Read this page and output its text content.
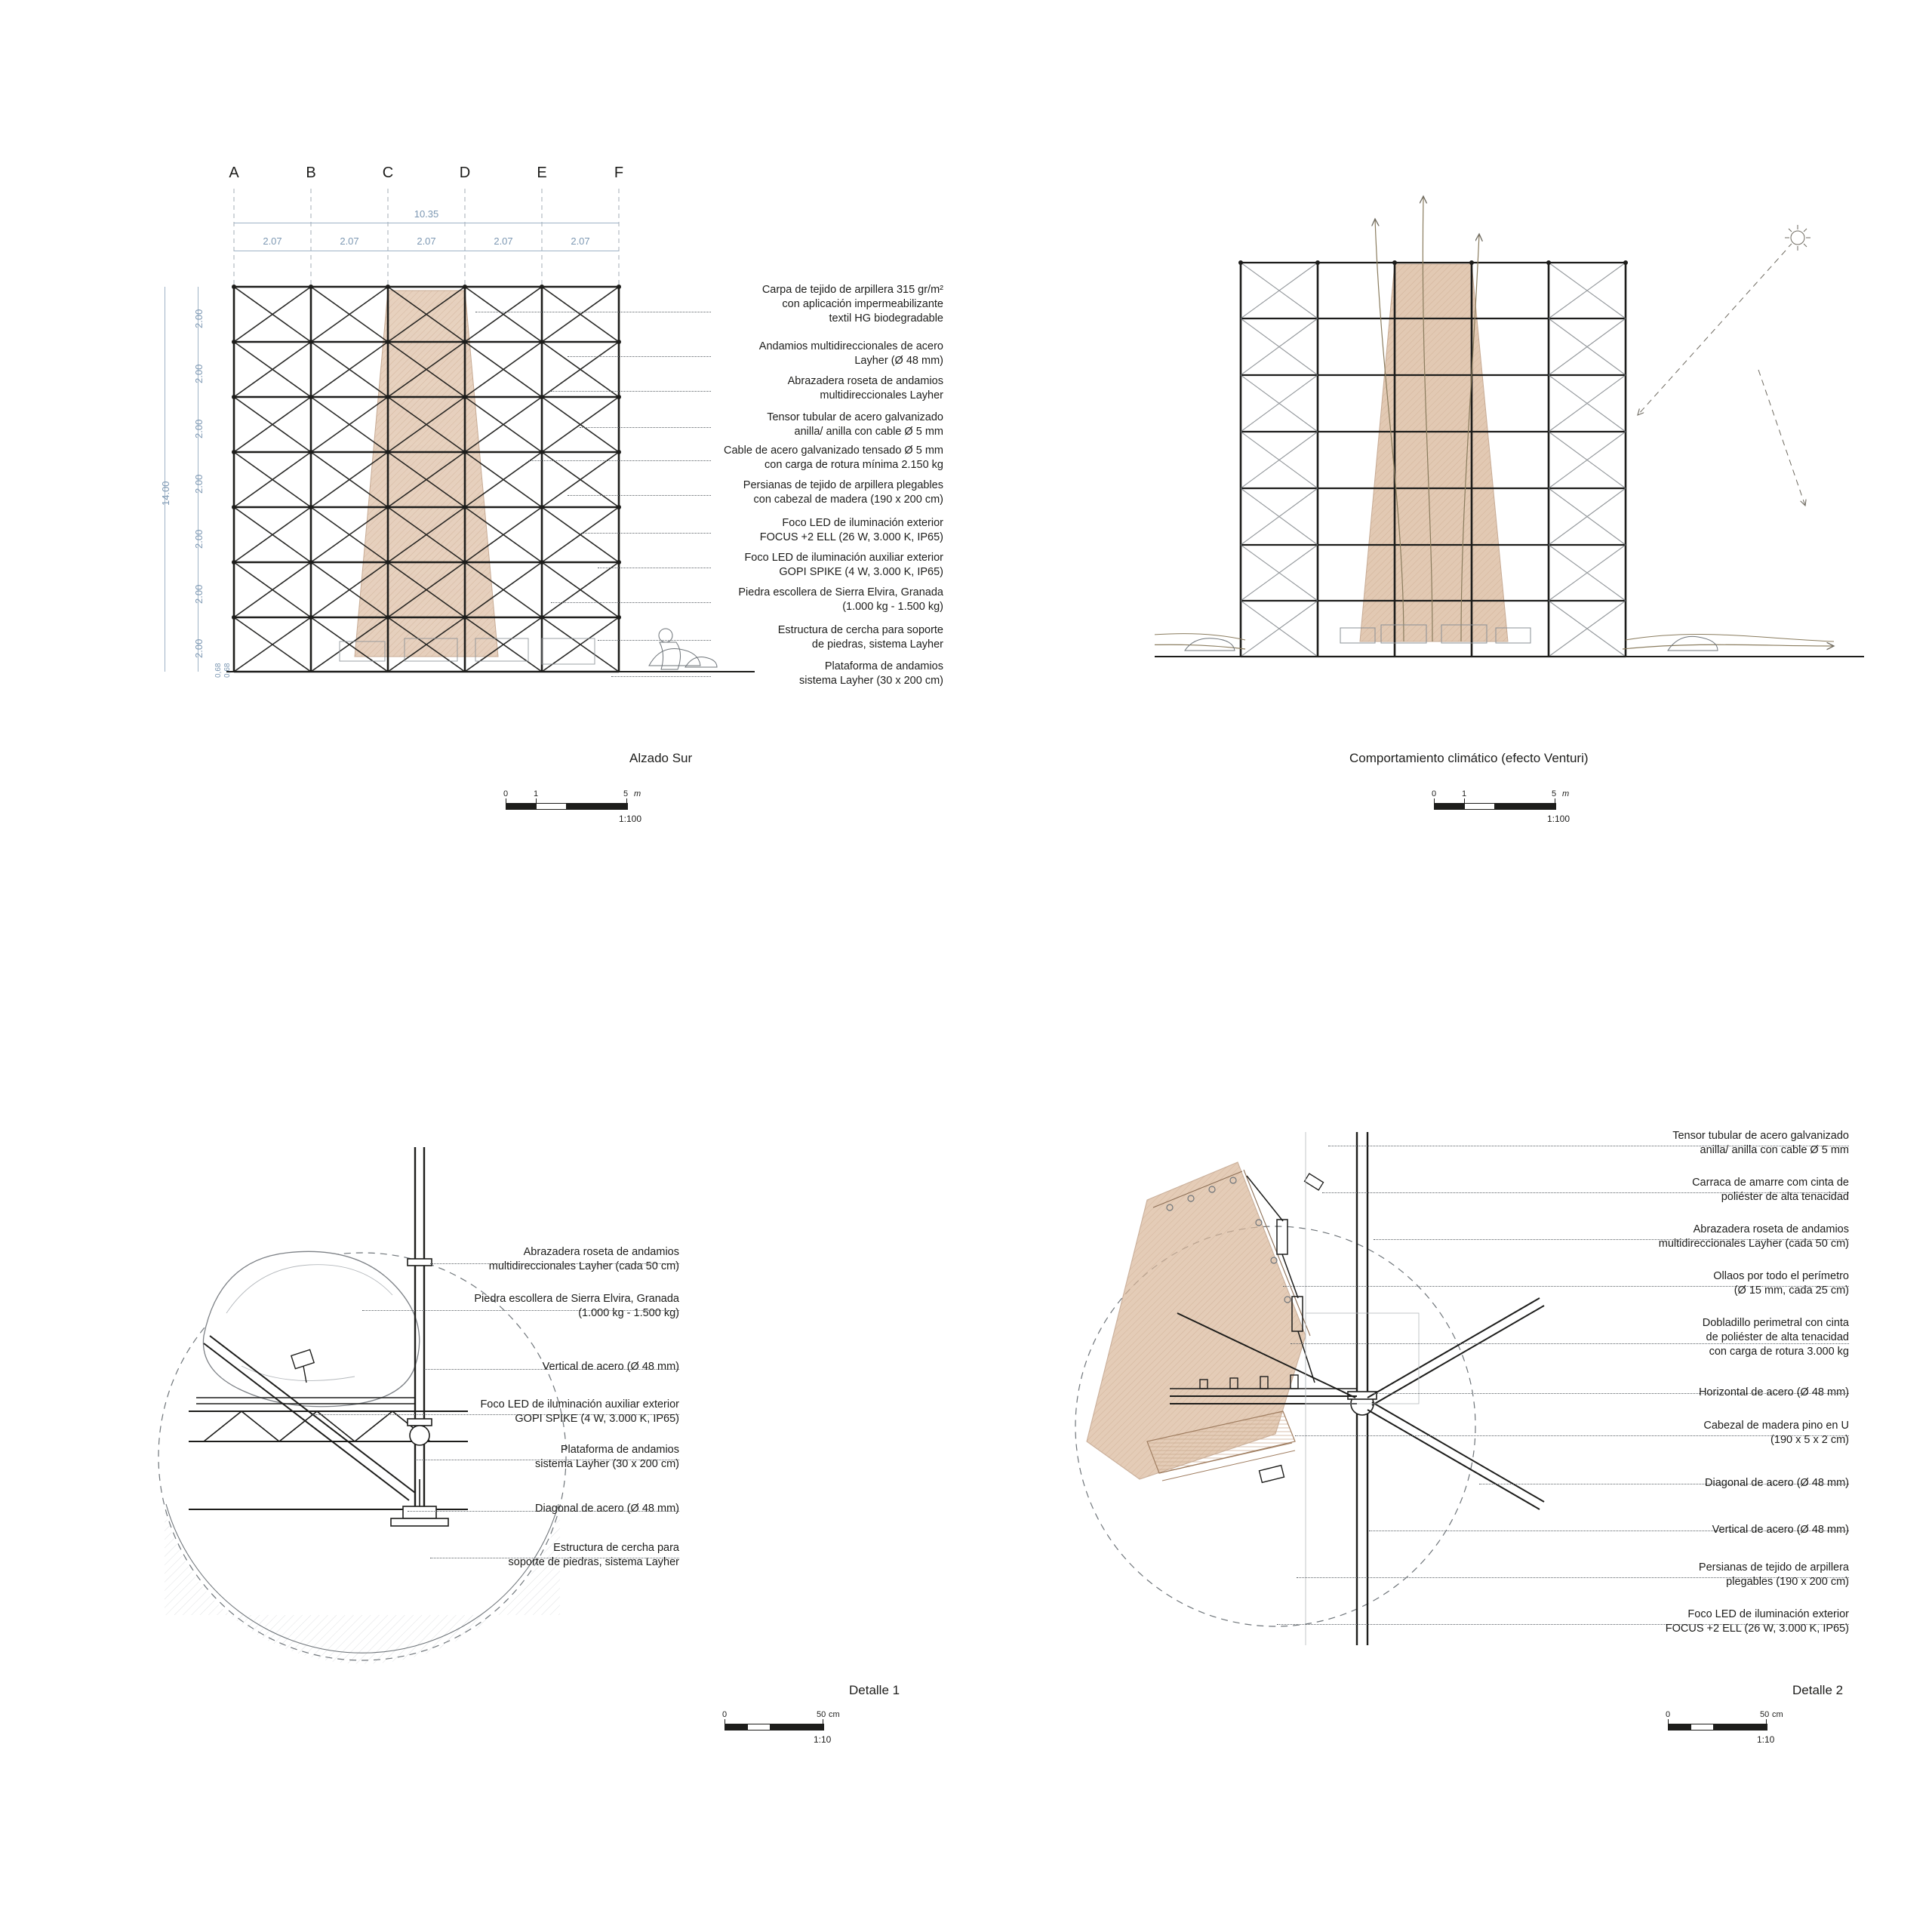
A	B	C	D	E	F
10.35
2.07	2.07	2.07	2.07	2.07
14.00
2.00
2.00
2.00
2.00
2.00
2.00
2.00
0,68 0,68
Carpa de tejido de arpillera 315 gr/m²
con aplicación impermeabilizante
textil HG biodegradable
Andamios multidireccionales de acero
Layher (Ø 48 mm)
Abrazadera roseta de andamios
multidireccionales Layher
Tensor tubular de acero galvanizado
anilla/ anilla con cable Ø 5 mm
Cable de acero galvanizado tensado Ø 5 mm
con carga de rotura mínima 2.150 kg
Persianas de tejido de arpillera plegables
con cabezal de madera (190 x 200 cm)
Foco LED de iluminación exterior
FOCUS +2 ELL (26 W, 3.000 K, IP65)
Foco LED de iluminación auxiliar exterior
GOPI SPIKE (4 W, 3.000 K, IP65)
Piedra escollera de Sierra Elvira, Granada
(1.000 kg - 1.500 kg)
Estructura de cercha para soporte
de piedras, sistema Layher
Plataforma de andamios
sistema Layher (30 x 200 cm)
Alzado Sur
0	1	5 m
1:100
Comportamiento climático (efecto Venturi)
0	1	5 m
1:100
Abrazadera roseta de andamios
multidireccionales Layher (cada 50 cm)
Piedra escollera de Sierra Elvira, Granada
(1.000 kg - 1.500 kg)
Vertical de acero (Ø 48 mm)
Foco LED de iluminación auxiliar exterior
GOPI SPIKE (4 W, 3.000 K, IP65)
Plataforma de andamios
sistema Layher (30 x 200 cm)
Diagonal de acero (Ø 48 mm)
Estructura de cercha para
soporte de piedras, sistema Layher
Detalle 1
0	50 cm
1:10
Tensor tubular de acero galvanizado
anilla/ anilla con cable Ø 5 mm
Carraca de amarre com cinta de
poliéster de alta tenacidad
Abrazadera roseta de andamios
multidireccionales Layher (cada 50 cm)
Ollaos por todo el perímetro
(Ø 15 mm, cada 25 cm)
Dobladillo perimetral con cinta
de poliéster de alta tenacidad
con carga de rotura 3.000 kg
Horizontal de acero (Ø 48 mm)
Cabezal de madera pino en U
(190 x 5 x 2 cm)
Diagonal de acero (Ø 48 mm)
Vertical de acero (Ø 48 mm)
Persianas de tejido de arpillera
plegables (190 x 200 cm)
Foco LED de iluminación exterior
FOCUS +2 ELL (26 W, 3.000 K, IP65)
Detalle 2
0	50 cm
1:10
